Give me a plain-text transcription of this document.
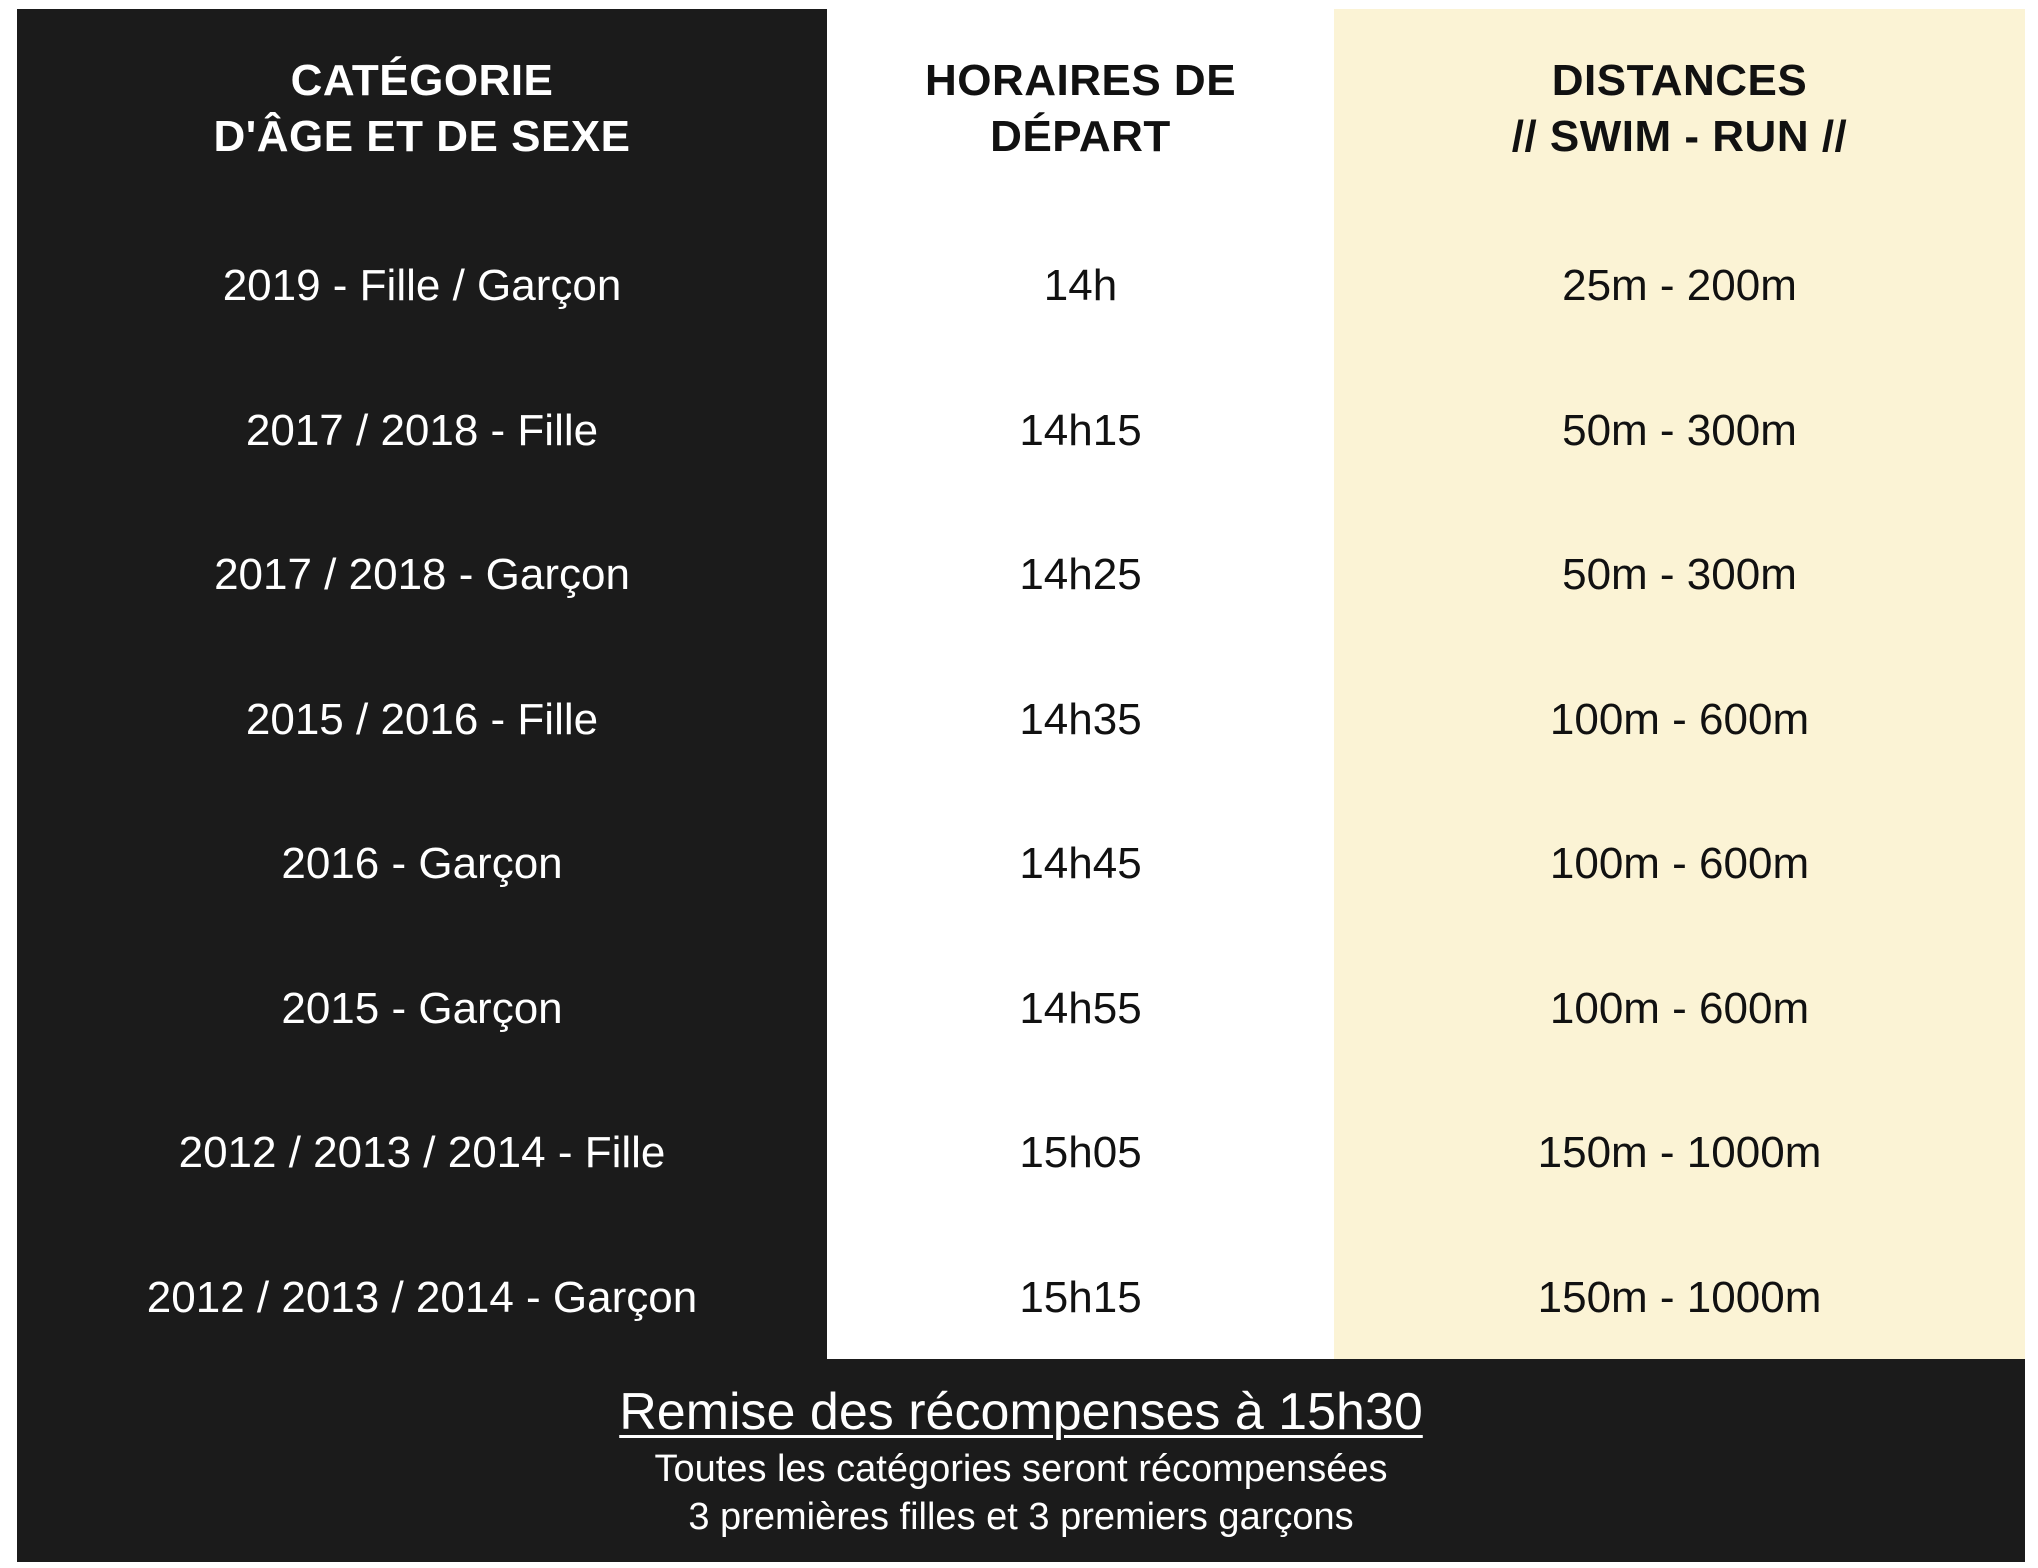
CATÉGORIE
D'ÂGE ET DE SEXE
2019 - Fille / Garçon
2017 / 2018 - Fille
2017 / 2018 - Garçon
2015 / 2016 - Fille
2016 - Garçon
2015 - Garçon
2012 / 2013 / 2014 - Fille
2012 / 2013 / 2014 - Garçon
HORAIRES DE
DÉPART
14h
14h15
14h25
14h35
14h45
14h55
15h05
15h15
DISTANCES
// SWIM - RUN //
25m - 200m
50m - 300m
50m - 300m
100m - 600m
100m - 600m
100m - 600m
150m - 1000m
150m - 1000m
Remise des récompenses à 15h30
Toutes les catégories seront récompensées
3 premières filles et 3 premiers garçons
